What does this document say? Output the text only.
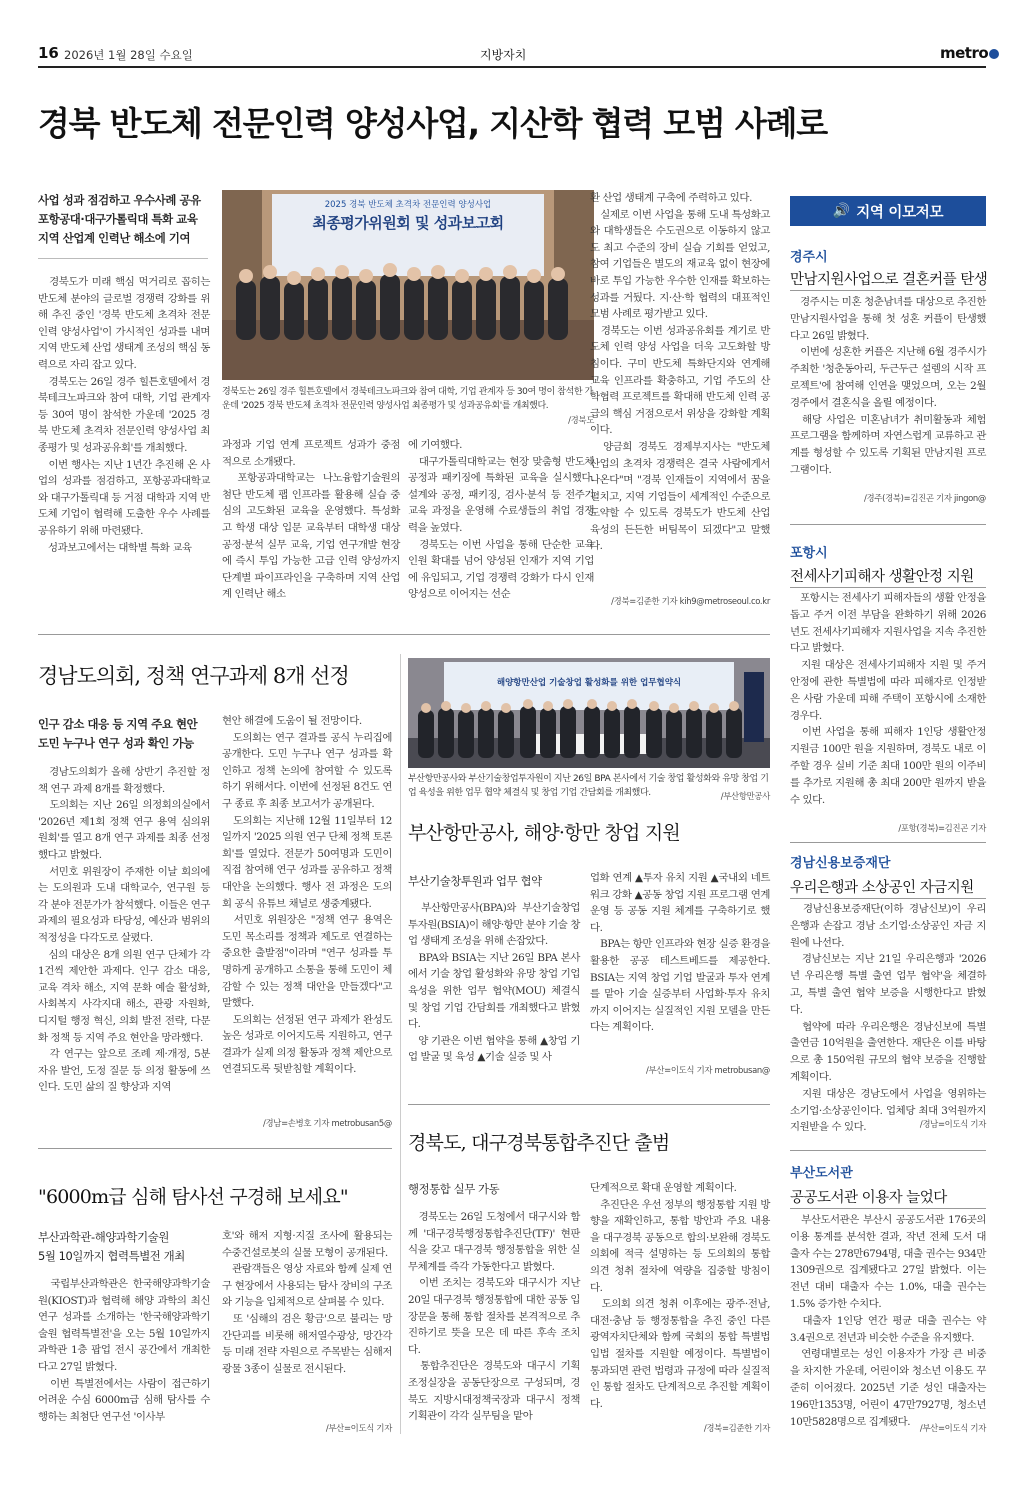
16 2026년 1월 28일 수요일	지방자치	metro
경북 반도체 전문인력 양성사업, 지산학 협력 모범 사례로
사업 성과 점검하고 우수사례 공유
포항공대·대구가톨릭대 특화 교육
지역 산업계 인력난 해소에 기여
　경북도가 미래 핵심 먹거리로 꼽히는 반도체 분야의 글로벌 경쟁력 강화를 위해 추진 중인 '경북 반도체 초격차 전문인력 양성사업'이 가시적인 성과를 내며 지역 반도체 산업 생태계 조성의 핵심 동력으로 자리 잡고 있다.
　경북도는 26일 경주 힐튼호텔에서 경북테크노파크와 참여 대학, 기업 관계자 등 30여 명이 참석한 가운데 '2025 경북 반도체 초격차 전문인력 양성사업 최종평가 및 성과공유회'를 개최했다.
　이번 행사는 지난 1년간 추진해 온 사업의 성과를 점검하고, 포항공과대학교와 대구가톨릭대 등 거점 대학과 지역 반도체 기업이 협력해 도출한 우수 사례를 공유하기 위해 마련됐다.
　성과보고에서는 대학별 특화 교육
2025 경북 반도체 초격차 전문인력 양성사업
최종평가위원회 및 성과보고회
경북도는 26일 경주 힐튼호텔에서 경북테크노파크와 참여 대학, 기업 관계자 등 30여 명이 참석한 가운데 '2025 경북 반도체 초격차 전문인력 양성사업 최종평가 및 성과공유회'를 개최했다.
/경북도
과정과 기업 연계 프로젝트 성과가 중점적으로 소개됐다.
　포항공과대학교는 나노융합기술원의 첨단 반도체 팹 인프라를 활용해 실습 중심의 고도화된 교육을 운영했다. 특성화고 학생 대상 입문 교육부터 대학생 대상 공정·분석 실무 교육, 기업 연구개발 현장에 즉시 투입 가능한 고급 인력 양성까지 단계별 파이프라인을 구축하며 지역 산업계 인력난 해소
에 기여했다.
　대구가톨릭대학교는 현장 맞춤형 반도체 공정과 패키징에 특화된 교육을 실시했다. 설계와 공정, 패키징, 검사·분석 등 전주기 교육 과정을 운영해 수료생들의 취업 경쟁력을 높였다.
　경북도는 이번 사업을 통해 단순한 교육 인원 확대를 넘어 양성된 인재가 지역 기업에 유입되고, 기업 경쟁력 강화가 다시 인재 양성으로 이어지는 선순
환 산업 생태계 구축에 주력하고 있다.
　실제로 이번 사업을 통해 도내 특성화고와 대학생들은 수도권으로 이동하지 않고도 최고 수준의 장비 실습 기회를 얻었고, 참여 기업들은 별도의 재교육 없이 현장에 바로 투입 가능한 우수한 인재를 확보하는 성과를 거뒀다. 지·산·학 협력의 대표적인 모범 사례로 평가받고 있다.
　경북도는 이번 성과공유회를 계기로 반도체 인력 양성 사업을 더욱 고도화할 방침이다. 구미 반도체 특화단지와 연계해 교육 인프라를 확충하고, 기업 주도의 산학협력 프로젝트를 확대해 반도체 인력 공급의 핵심 거점으로서 위상을 강화할 계획이다.
　양금희 경북도 경제부지사는 "반도체 산업의 초격차 경쟁력은 결국 사람에게서 나온다"며 "경북 인재들이 지역에서 꿈을 펼치고, 지역 기업들이 세계적인 수준으로 도약할 수 있도록 경북도가 반도체 산업 육성의 든든한 버팀목이 되겠다"고 말했다.
/경북=김준한 기자 kih9@metroseoul.co.kr
경남도의회, 정책 연구과제 8개 선정
인구 감소 대응 등 지역 주요 현안
도민 누구나 연구 성과 확인 가능
　경남도의회가 올해 상반기 추진할 정책 연구 과제 8개를 확정했다.
　도의회는 지난 26일 의정회의실에서 '2026년 제1회 정책 연구 용역 심의위원회'를 열고 8개 연구 과제를 최종 선정했다고 밝혔다.
　서민호 위원장이 주재한 이날 회의에는 도의원과 도내 대학교수, 연구원 등 각 분야 전문가가 참석했다. 이들은 연구 과제의 필요성과 타당성, 예산과 범위의 적정성을 다각도로 살폈다.
　심의 대상은 8개 의원 연구 단체가 각 1건씩 제안한 과제다. 인구 감소 대응, 교육 격차 해소, 지역 문화 예술 활성화, 사회복지 사각지대 해소, 관광 자원화, 디지털 행정 혁신, 의회 발전 전략, 다문화 정책 등 지역 주요 현안을 망라했다.
　각 연구는 앞으로 조례 제·개정, 5분 자유 발언, 도정 질문 등 의정 활동에 쓰인다. 도민 삶의 질 향상과 지역
현안 해결에 도움이 될 전망이다.
　도의회는 연구 결과를 공식 누리집에 공개한다. 도민 누구나 연구 성과를 확인하고 정책 논의에 참여할 수 있도록 하기 위해서다. 이번에 선정된 8건도 연구 종료 후 최종 보고서가 공개된다.
　도의회는 지난해 12월 11일부터 12일까지 '2025 의원 연구 단체 정책 토론회'를 열었다. 전문가 50여명과 도민이 직접 참여해 연구 성과를 공유하고 정책 대안을 논의했다. 행사 전 과정은 도의회 공식 유튜브 채널로 생중계됐다.
　서민호 위원장은 "정책 연구 용역은 도민 목소리를 정책과 제도로 연결하는 중요한 출발점"이라며 "연구 성과를 투명하게 공개하고 소통을 통해 도민이 체감할 수 있는 정책 대안을 만들겠다"고 말했다.
　도의회는 선정된 연구 과제가 완성도 높은 성과로 이어지도록 지원하고, 연구 결과가 실제 의정 활동과 정책 제안으로 연결되도록 뒷받침할 계획이다.
/경남=손병호 기자 metrobusan5@
해양항만산업 기술창업 활성화를 위한 업무협약식
부산항만공사와 부산기술창업투자원이 지난 26일 BPA 본사에서 기술 창업 활성화와 유망 창업 기업 육성을 위한 업무 협약 체결식 및 창업 기업 간담회를 개최했다.	/부산항만공사
부산항만공사, 해양·항만 창업 지원
부산기술창투원과 업무 협약
　부산항만공사(BPA)와 부산기술창업투자원(BSIA)이 해양·항만 분야 기술 창업 생태계 조성을 위해 손잡았다.
　BPA와 BSIA는 지난 26일 BPA 본사에서 기술 창업 활성화와 유망 창업 기업 육성을 위한 업무 협약(MOU) 체결식 및 창업 기업 간담회를 개최했다고 밝혔다.
　양 기관은 이번 협약을 통해 ▲창업 기업 발굴 및 육성 ▲기술 실증 및 사
업화 연계 ▲투자 유치 지원 ▲국내외 네트워크 강화 ▲공동 창업 지원 프로그램 연계 운영 등 공동 지원 체계를 구축하기로 했다.
　BPA는 항만 인프라와 현장 실증 환경을 활용한 공공 테스트베드를 제공한다. BSIA는 지역 창업 기업 발굴과 투자 연계를 맡아 기술 실증부터 사업화·투자 유치까지 이어지는 실질적인 지원 모델을 만든다는 계획이다.
/부산=이도식 기자 metrobusan@
"6000m급 심해 탐사선 구경해 보세요"
부산과학관-해양과학기술원
5월 10일까지 협력특별전 개최
　국립부산과학관은 한국해양과학기술원(KIOST)과 협력해 해양 과학의 최신 연구 성과를 소개하는 '한국해양과학기술원 협력특별전'을 오는 5월 10일까지 과학관 1층 팝업 전시 공간에서 개최한다고 27일 밝혔다.
　이번 특별전에서는 사람이 접근하기 어려운 수심 6000m급 심해 탐사를 수행하는 최첨단 연구선 '이사부
호'와 해저 지형·지질 조사에 활용되는 수중건설로봇의 실물 모형이 공개된다.
　관람객들은 영상 자료와 함께 실제 연구 현장에서 사용되는 탐사 장비의 구조와 기능을 입체적으로 살펴볼 수 있다.
　또 '심해의 검은 황금'으로 불리는 망간단괴를 비롯해 해저열수광상, 망간각 등 미래 전략 자원으로 주목받는 심해저 광물 3종이 실물로 전시된다.
/부산=이도식 기자
경북도, 대구경북통합추진단 출범
행정통합 실무 가동
　경북도는 26일 도청에서 대구시와 함께 '대구경북행정통합추진단(TF)' 현판식을 갖고 대구경북 행정통합을 위한 실무체계를 즉각 가동한다고 밝혔다.
　이번 조치는 경북도와 대구시가 지난 20일 대구경북 행정통합에 대한 공동 입장문을 통해 통합 절차를 본격적으로 추진하기로 뜻을 모은 데 따른 후속 조치다.
　통합추진단은 경북도와 대구시 기획조정실장을 공동단장으로 구성되며, 경북도 지방시대정책국장과 대구시 정책기획관이 각각 실무팀을 맡아
단계적으로 확대 운영할 계획이다.
　추진단은 우선 정부의 행정통합 지원 방향을 재확인하고, 통합 방안과 주요 내용을 대구경북 공동으로 합의·보완해 경북도의회에 적극 설명하는 등 도의회의 통합 의견 청취 절차에 역량을 집중할 방침이다.
　도의회 의견 청취 이후에는 광주·전남, 대전·충남 등 행정통합을 추진 중인 다른 광역자치단체와 함께 국회의 통합 특별법 입법 절차를 지원할 예정이다. 특별법이 통과되면 관련 법령과 규정에 따라 실질적인 통합 절차도 단계적으로 추진할 계획이다.
/경북=김준한 기자
🔊 지역 이모저모
경주시
만남지원사업으로 결혼커플 탄생
　경주시는 미혼 청춘남녀를 대상으로 추진한 만남지원사업을 통해 첫 성혼 커플이 탄생했다고 26일 밝혔다.
　이번에 성혼한 커플은 지난해 6월 경주시가 주최한 '청춘동아리, 두근두근 설렘의 시작 프로젝트'에 참여해 인연을 맺었으며, 오는 2월 경주에서 결혼식을 올릴 예정이다.
　해당 사업은 미혼남녀가 취미활동과 체험 프로그램을 함께하며 자연스럽게 교류하고 관계를 형성할 수 있도록 기획된 만남지원 프로그램이다.
/경주(경북)=김진곤 기자 jingon@
포항시
전세사기피해자 생활안정 지원
　포항시는 전세사기 피해자들의 생활 안정을 돕고 주거 이전 부담을 완화하기 위해 2026년도 전세사기피해자 지원사업을 지속 추진한다고 밝혔다.
　지원 대상은 전세사기피해자 지원 및 주거안정에 관한 특별법에 따라 피해자로 인정받은 사람 가운데 피해 주택이 포항시에 소재한 경우다.
　이번 사업을 통해 피해자 1인당 생활안정 지원금 100만 원을 지원하며, 경북도 내로 이주할 경우 실비 기준 최대 100만 원의 이주비를 추가로 지원해 총 최대 200만 원까지 받을 수 있다.
/포항(경북)=김진곤 기자
경남신용보증재단
우리은행과 소상공인 자금지원
　경남신용보증재단(이하 경남신보)이 우리은행과 손잡고 경남 소기업·소상공인 자금 지원에 나선다.
　경남신보는 지난 21일 우리은행과 '2026년 우리은행 특별 출연 업무 협약'을 체결하고, 특별 출연 협약 보증을 시행한다고 밝혔다.
　협약에 따라 우리은행은 경남신보에 특별 출연금 10억원을 출연한다. 재단은 이를 바탕으로 총 150억원 규모의 협약 보증을 진행할 계획이다.
　지원 대상은 경남도에서 사업을 영위하는 소기업·소상공인이다. 업체당 최대 3억원까지 지원받을 수 있다.	/경남=이도식 기자
부산도서관
공공도서관 이용자 늘었다
　부산도서관은 부산시 공공도서관 176곳의 이용 통계를 분석한 결과, 작년 전체 도서 대출자 수는 278만6794명, 대출 권수는 934만1309권으로 집계됐다고 27일 밝혔다. 이는 전년 대비 대출자 수는 1.0%, 대출 권수는 1.5% 증가한 수치다.
　대출자 1인당 연간 평균 대출 권수는 약 3.4권으로 전년과 비슷한 수준을 유지했다.
　연령대별로는 성인 이용자가 가장 큰 비중을 차지한 가운데, 어린이와 청소년 이용도 꾸준히 이어졌다. 2025년 기준 성인 대출자는 196만1353명, 어린이 47만7927명, 청소년 10만5828명으로 집계됐다.
/부산=이도식 기자
